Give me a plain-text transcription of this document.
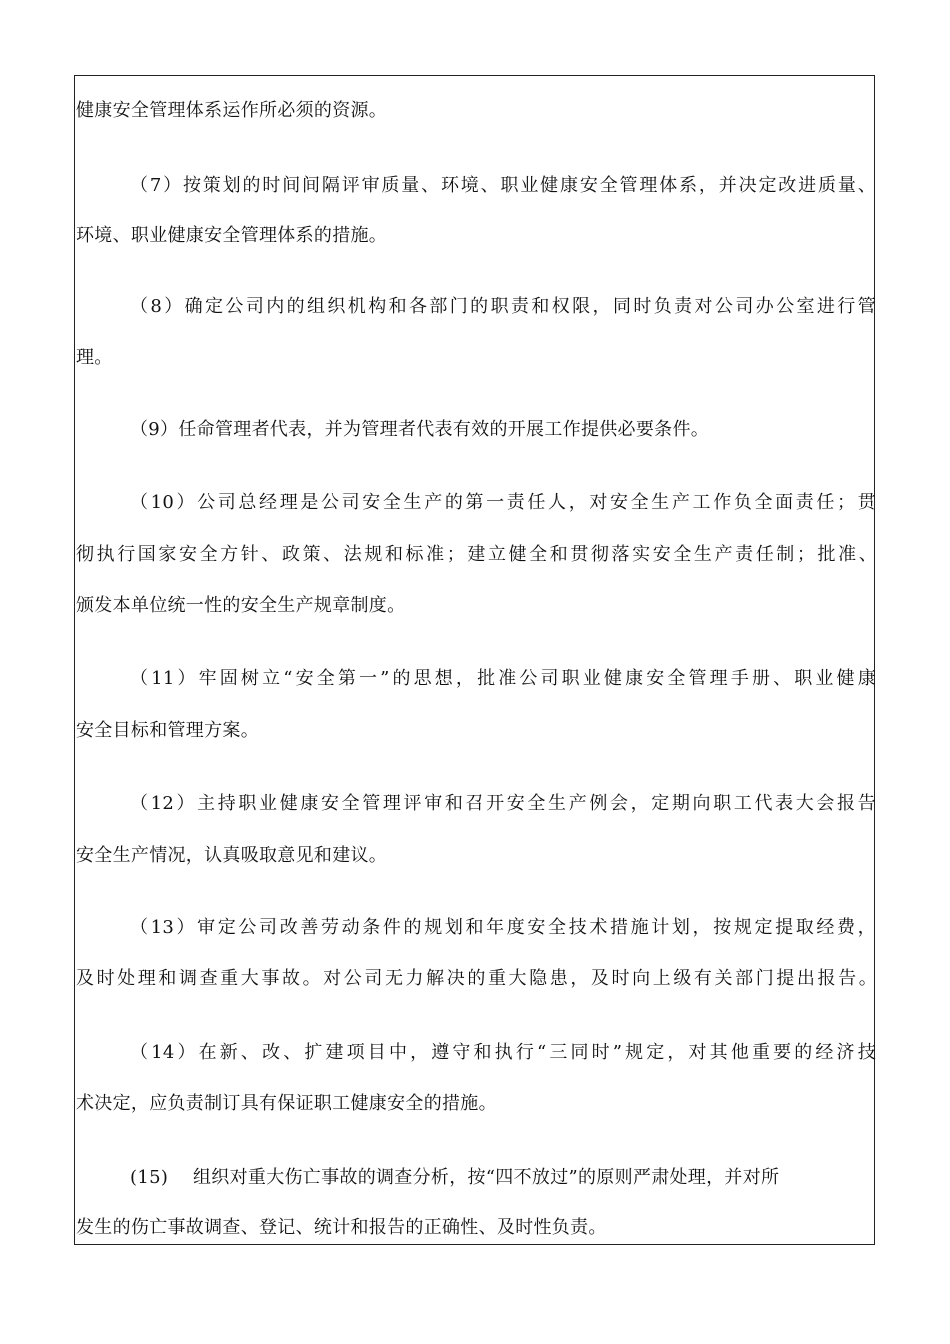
健康安全管理体系运作所必须的资源。
（7）按策划的时间间隔评审质量、环境、职业健康安全管理体系，并决定改进质量、
环境、职业健康安全管理体系的措施。
（8）确定公司内的组织机构和各部门的职责和权限，同时负责对公司办公室进行管
理。
（9）任命管理者代表，并为管理者代表有效的开展工作提供必要条件。
（10）公司总经理是公司安全生产的第一责任人，对安全生产工作负全面责任；贯
彻执行国家安全方针、政策、法规和标准；建立健全和贯彻落实安全生产责任制；批准、
颁发本单位统一性的安全生产规章制度。
（11）牢固树立“安全第一”的思想，批准公司职业健康安全管理手册、职业健康
安全目标和管理方案。
（12）主持职业健康安全管理评审和召开安全生产例会，定期向职工代表大会报告
安全生产情况，认真吸取意见和建议。
（13）审定公司改善劳动条件的规划和年度安全技术措施计划，按规定提取经费，
及时处理和调查重大事故。对公司无力解决的重大隐患，及时向上级有关部门提出报告。
（14）在新、改、扩建项目中，遵守和执行“三同时”规定，对其他重要的经济技
术决定，应负责制订具有保证职工健康安全的措施。
(15) 组织对重大伤亡事故的调查分析，按“四不放过”的原则严肃处理，并对所
发生的伤亡事故调查、登记、统计和报告的正确性、及时性负责。
